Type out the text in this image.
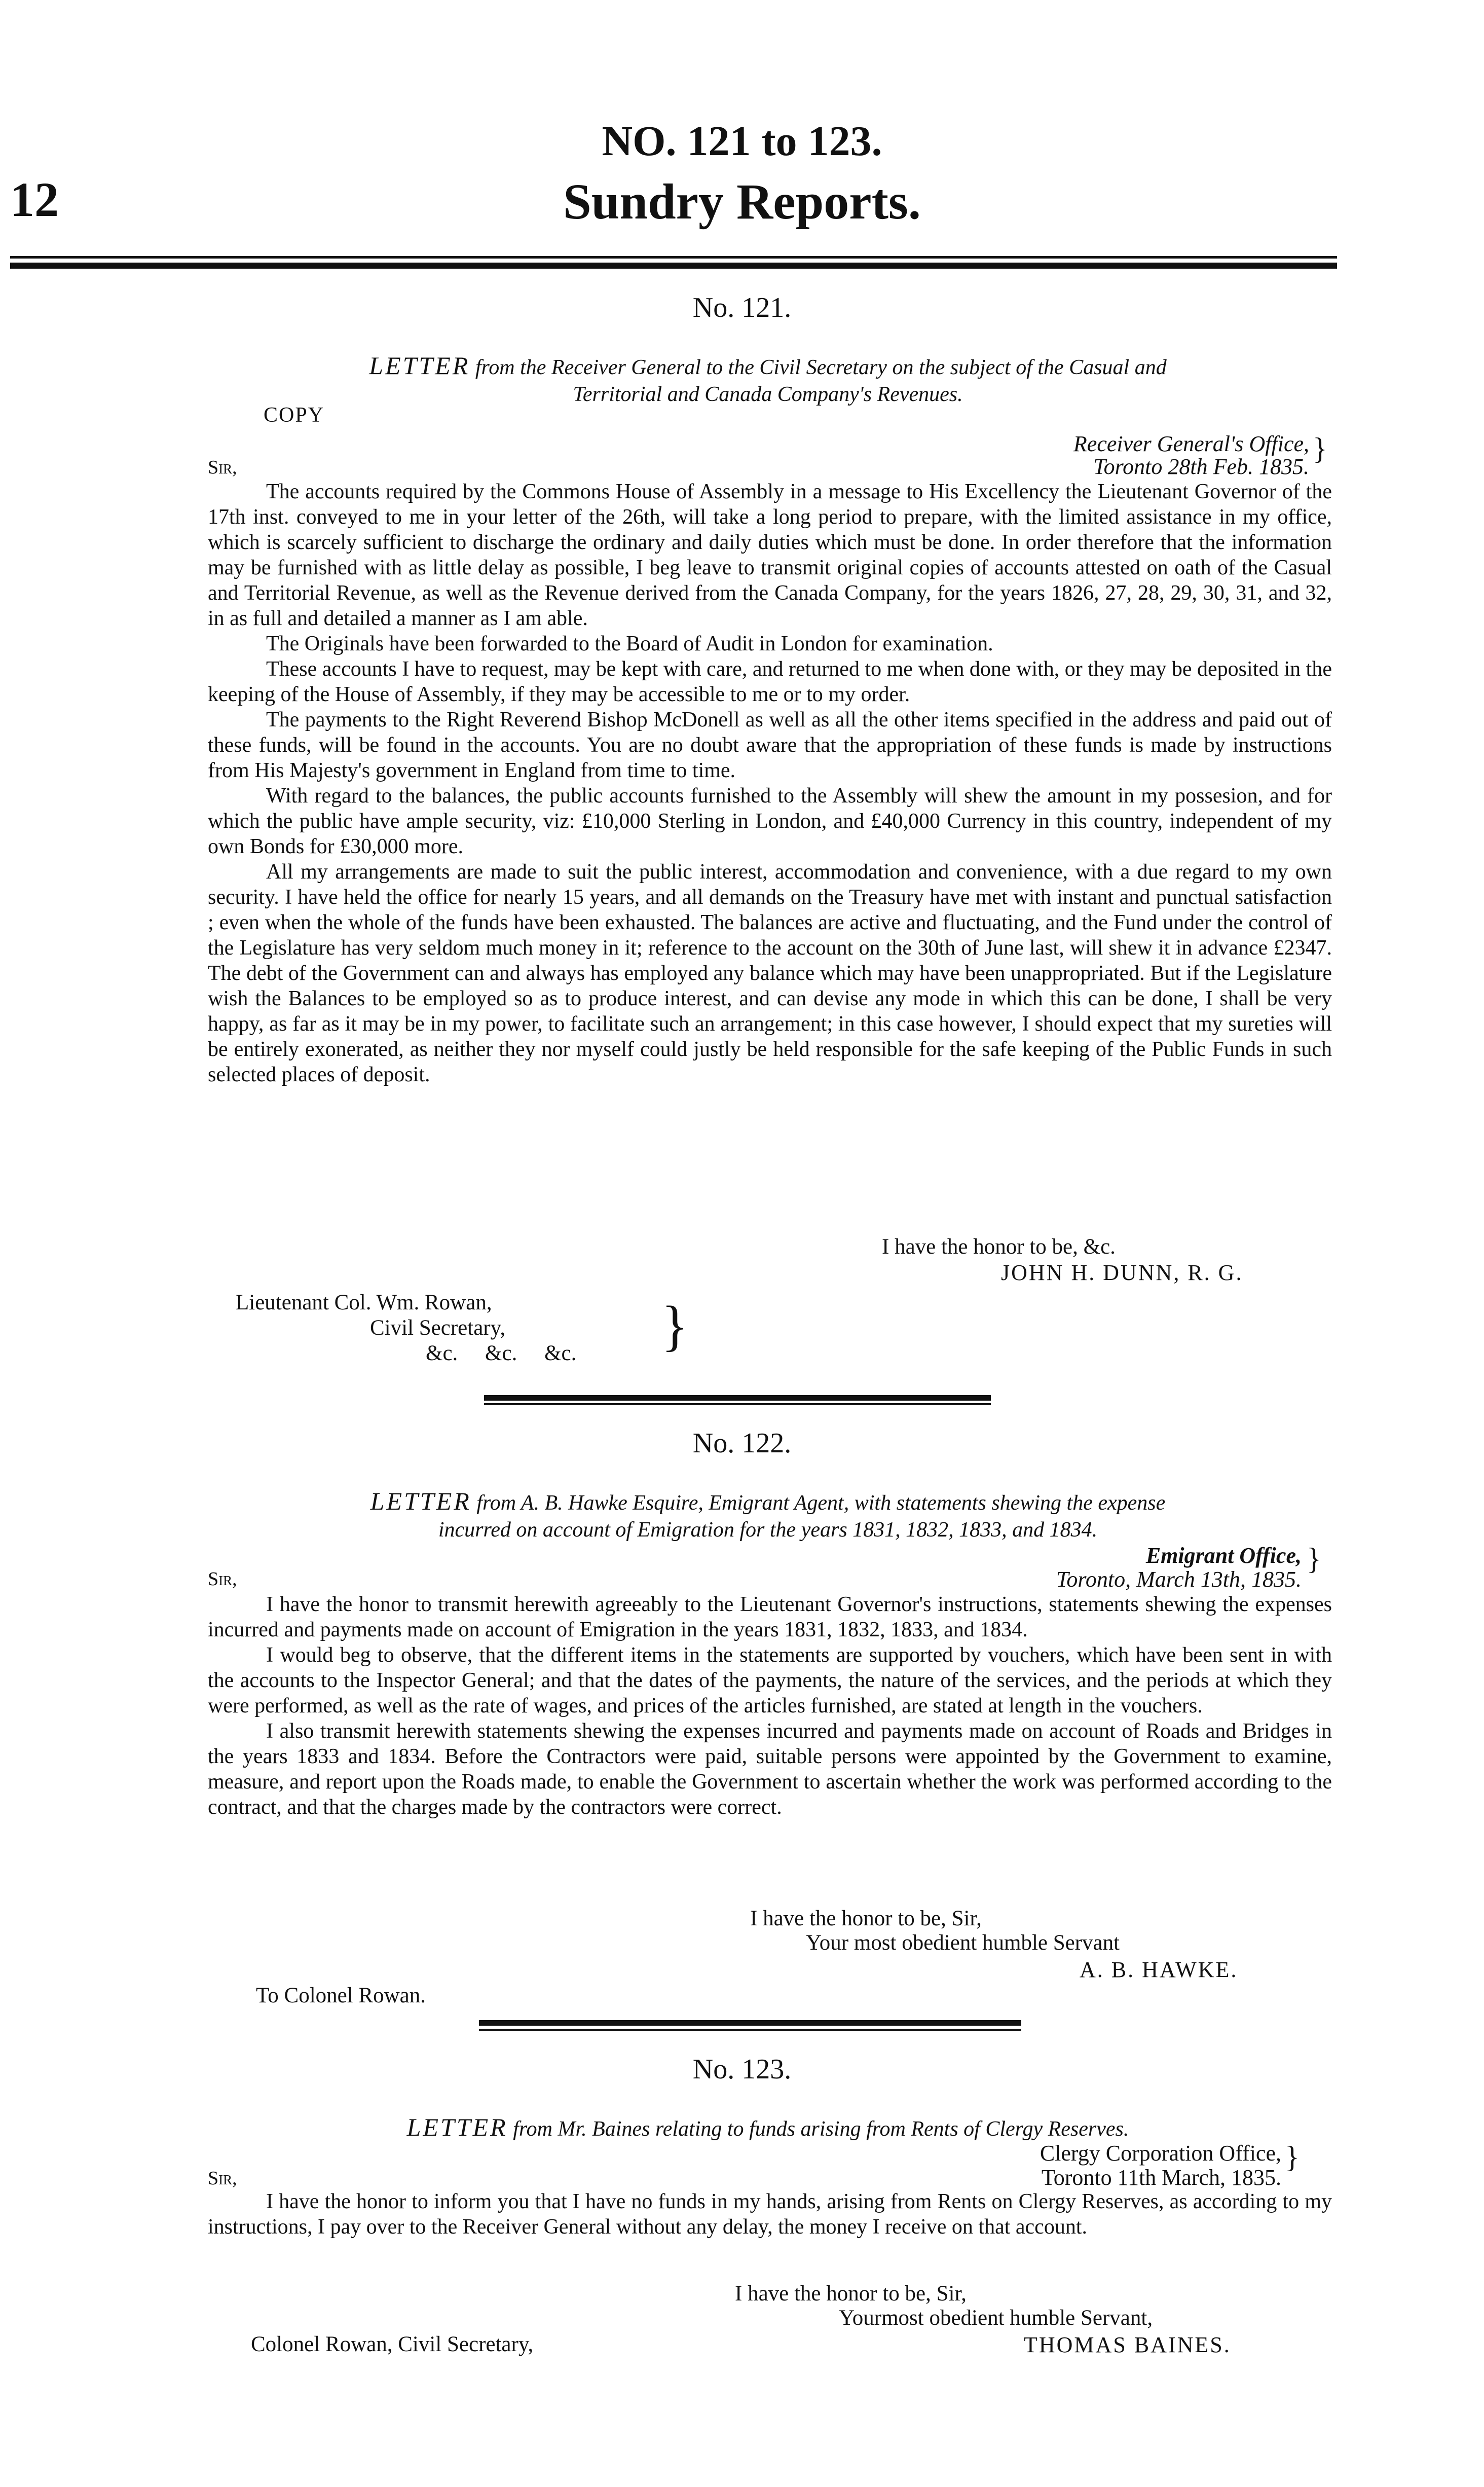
12
NO. 121 to 123.
Sundry Reports.
No. 121.
LETTER from the Receiver General to the Civil Secretary on the subject of the Casual and
Territorial and Canada Company's Revenues.
COPY
Receiver General's Office,
Toronto 28th Feb. 1835.
}
Sir,

The accounts required by the Commons House of Assembly in a message to His Excellency the Lieutenant Governor of the 17th inst. conveyed to me in your letter of the 26th, will take a long period to prepare, with the limited assistance in my office, which is scarcely sufficient to discharge the ordinary and daily duties which must be done. In order therefore that the information may be furnished with as little delay as possible, I beg leave to transmit original copies of accounts attested on oath of the Casual and Territorial Revenue, as well as the Revenue derived from the Canada Company, for the years 1826, 27, 28, 29, 30, 31, and 32, in as full and detailed a manner as I am able.

The Originals have been forwarded to the Board of Audit in London for examination.

These accounts I have to request, may be kept with care, and returned to me when done with, or they may be deposited in the keeping of the House of Assembly, if they may be accessible to me or to my order.

The payments to the Right Reverend Bishop McDonell as well as all the other items specified in the address and paid out of these funds, will be found in the accounts. You are no doubt aware that the appropriation of these funds is made by instructions from His Majesty's government in England from time to time.

With regard to the balances, the public accounts furnished to the Assembly will shew the amount in my possesion, and for which the public have ample security, viz: £10,000 Sterling in London, and £40,000 Currency in this country, independent of my own Bonds for £30,000 more.

All my arrangements are made to suit the public interest, accommodation and convenience, with a due regard to my own security. I have held the office for nearly 15 years, and all demands on the Treasury have met with instant and punctual satisfaction ; even when the whole of the funds have been exhausted. The balances are active and fluctuating, and the Fund under the control of the Legislature has very seldom much money in it; reference to the account on the 30th of June last, will shew it in advance £2347. The debt of the Government can and always has employed any balance which may have been unappropriated. But if the Legislature wish the Balances to be employed so as to produce interest, and can devise any mode in which this can be done, I shall be very happy, as far as it may be in my power, to facilitate such an arrangement; in this case however, I should expect that my sureties will be entirely exonerated, as neither they nor myself could justly be held responsible for the safe keeping of the Public Funds in such selected places of deposit.

I have the honor to be, &c.
JOHN H. DUNN, R. G.
Lieutenant Col. Wm. Rowan,
Civil Secretary,
&c.     &c.     &c. }
No. 122.
LETTER from A. B. Hawke Esquire, Emigrant Agent, with statements shewing the expense
incurred on account of Emigration for the years 1831, 1832, 1833, and 1834.
Emigrant Office,
Toronto, March 13th, 1835.
}
Sir,

I have the honor to transmit herewith agreeably to the Lieutenant Governor's instructions, statements shewing the expenses incurred and payments made on account of Emigration in the years 1831, 1832, 1833, and 1834.

I would beg to observe, that the different items in the statements are supported by vouchers, which have been sent in with the accounts to the Inspector General; and that the dates of the payments, the nature of the services, and the periods at which they were performed, as well as the rate of wages, and prices of the articles furnished, are stated at length in the vouchers.

I also transmit herewith statements shewing the expenses incurred and payments made on account of Roads and Bridges in the years 1833 and 1834. Before the Contractors were paid, suitable persons were appointed by the Government to examine, measure, and report upon the Roads made, to enable the Government to ascertain whether the work was performed according to the contract, and that the charges made by the contractors were correct.

I have the honor to be, Sir,
Your most obedient humble Servant
A. B. HAWKE.
To Colonel Rowan.
No. 123.
LETTER from Mr. Baines relating to funds arising from Rents of Clergy Reserves.
Clergy Corporation Office,
Toronto 11th March, 1835.
}
Sir,

I have the honor to inform you that I have no funds in my hands, arising from Rents on Clergy Reserves, as according to my instructions, I pay over to the Receiver General without any delay, the money I receive on that account.

I have the honor to be, Sir,
Yourmost obedient humble Servant,
THOMAS BAINES.
Colonel Rowan, Civil Secretary,
